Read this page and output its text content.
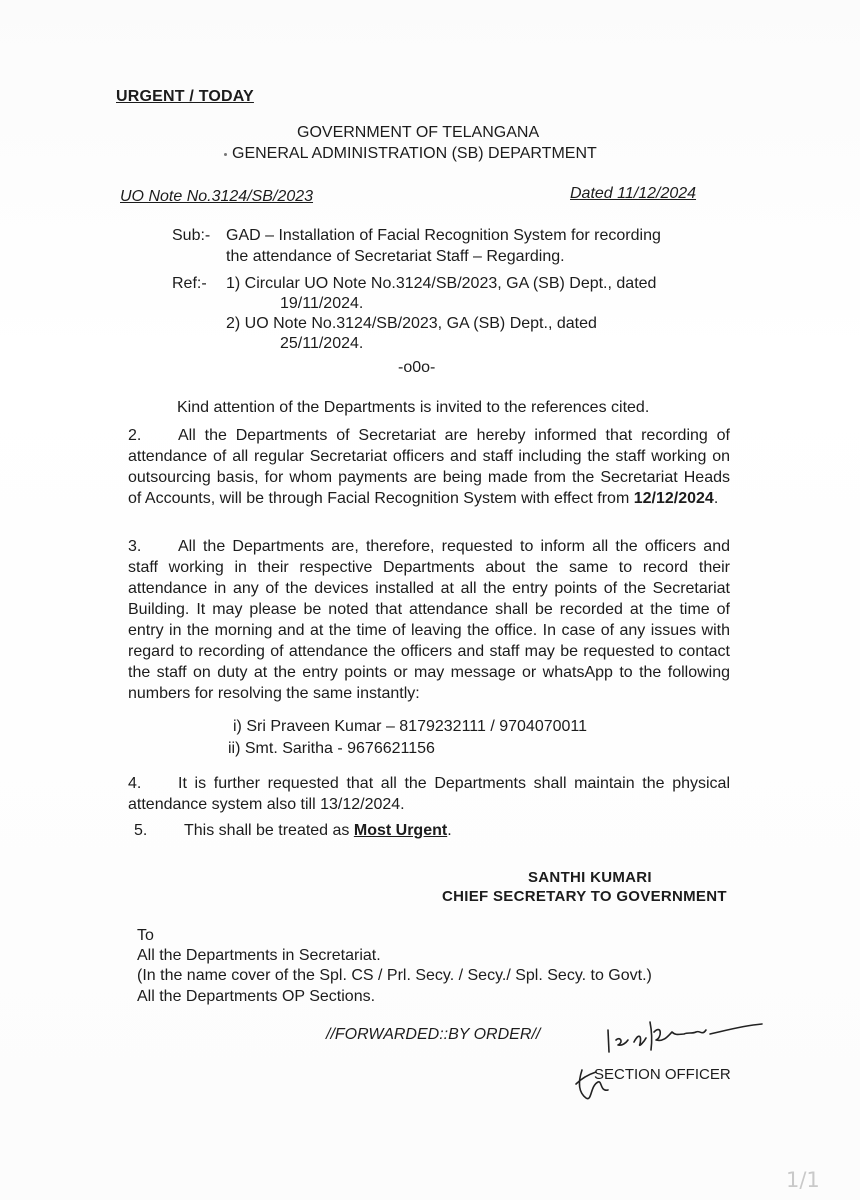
URGENT / TODAY
GOVERNMENT OF TELANGANA
GENERAL ADMINISTRATION (SB) DEPARTMENT
UO Note No.3124/SB/2023	Dated 11/12/2024
Sub:- GAD – Installation of Facial Recognition System for recording
the attendance of Secretariat Staff – Regarding.
Ref:- 1) Circular UO Note No.3124/SB/2023, GA (SB) Dept., dated
19/11/2024.
2) UO Note No.3124/SB/2023, GA (SB) Dept., dated
25/11/2024.
-o0o-
Kind attention of the Departments is invited to the references cited.
2. All the Departments of Secretariat are hereby informed that recording of attendance of all regular Secretariat officers and staff including the staff working on outsourcing basis, for whom payments are being made from the Secretariat Heads of Accounts, will be through Facial Recognition System with effect from 12/12/2024.
3. All the Departments are, therefore, requested to inform all the officers and staff working in their respective Departments about the same to record their attendance in any of the devices installed at all the entry points of the Secretariat Building. It may please be noted that attendance shall be recorded at the time of entry in the morning and at the time of leaving the office. In case of any issues with regard to recording of attendance the officers and staff may be requested to contact the staff on duty at the entry points or may message or whatsApp to the following numbers for resolving the same instantly:
i) Sri Praveen Kumar – 8179232111 / 9704070011
ii) Smt. Saritha - 9676621156
4. It is further requested that all the Departments shall maintain the physical attendance system also till 13/12/2024.
5. This shall be treated as Most Urgent.
SANTHI KUMARI
CHIEF SECRETARY TO GOVERNMENT
To
All the Departments in Secretariat.
(In the name cover of the Spl. CS / Prl. Secy. / Secy./ Spl. Secy. to Govt.)
All the Departments OP Sections.
//FORWARDED::BY ORDER//
SECTION OFFICER
1/1
